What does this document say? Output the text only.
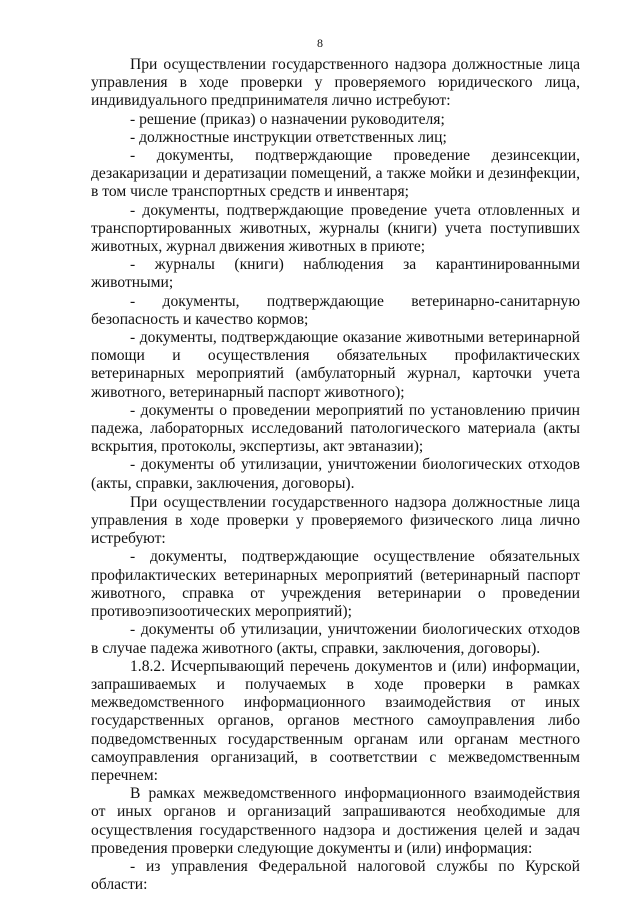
8

При осуществлении государственного надзора должностные лица управления в ходе проверки у проверяемого юридического лица, индивидуального предпринимателя лично истребуют:

- решение (приказ) о назначении руководителя;

- должностные инструкции ответственных лиц;

- документы, подтверждающие проведение дезинсекции, дезакаризации и дератизации помещений, а также мойки и дезинфекции, в том числе транспортных средств и инвентаря;

- документы, подтверждающие проведение учета отловленных и транспортированных животных, журналы (книги) учета поступивших животных, журнал движения животных в приюте;

- журналы (книги) наблюдения за карантинированными животными;

- документы, подтверждающие ветеринарно-санитарную безопасность и качество кормов;

- документы, подтверждающие оказание животными ветеринарной помощи и осуществления обязательных профилактических ветеринарных мероприятий (амбулаторный журнал, карточки учета животного, ветеринарный паспорт животного);

- документы о проведении мероприятий по установлению причин падежа, лабораторных исследований патологического материала (акты вскрытия, протоколы, экспертизы, акт эвтаназии);

- документы об утилизации, уничтожении биологических отходов (акты, справки, заключения, договоры).

При осуществлении государственного надзора должностные лица управления в ходе проверки у проверяемого физического лица лично истребуют:

- документы, подтверждающие осуществление обязательных профилактических ветеринарных мероприятий (ветеринарный паспорт животного, справка от учреждения ветеринарии о проведении противоэпизоотических мероприятий);

- документы об утилизации, уничтожении биологических отходов в случае падежа животного (акты, справки, заключения, договоры).

1.8.2. Исчерпывающий перечень документов и (или) информации, запрашиваемых и получаемых в ходе проверки в рамках межведомственного информационного взаимодействия от иных государственных органов, органов местного самоуправления либо подведомственных государственным органам или органам местного самоуправления организаций, в соответствии с межведомственным перечнем:

В рамках межведомственного информационного взаимодействия от иных органов и организаций запрашиваются необходимые для осуществления государственного надзора и достижения целей и задач проведения проверки следующие документы и (или) информация:

- из управления Федеральной налоговой службы по Курской области:
